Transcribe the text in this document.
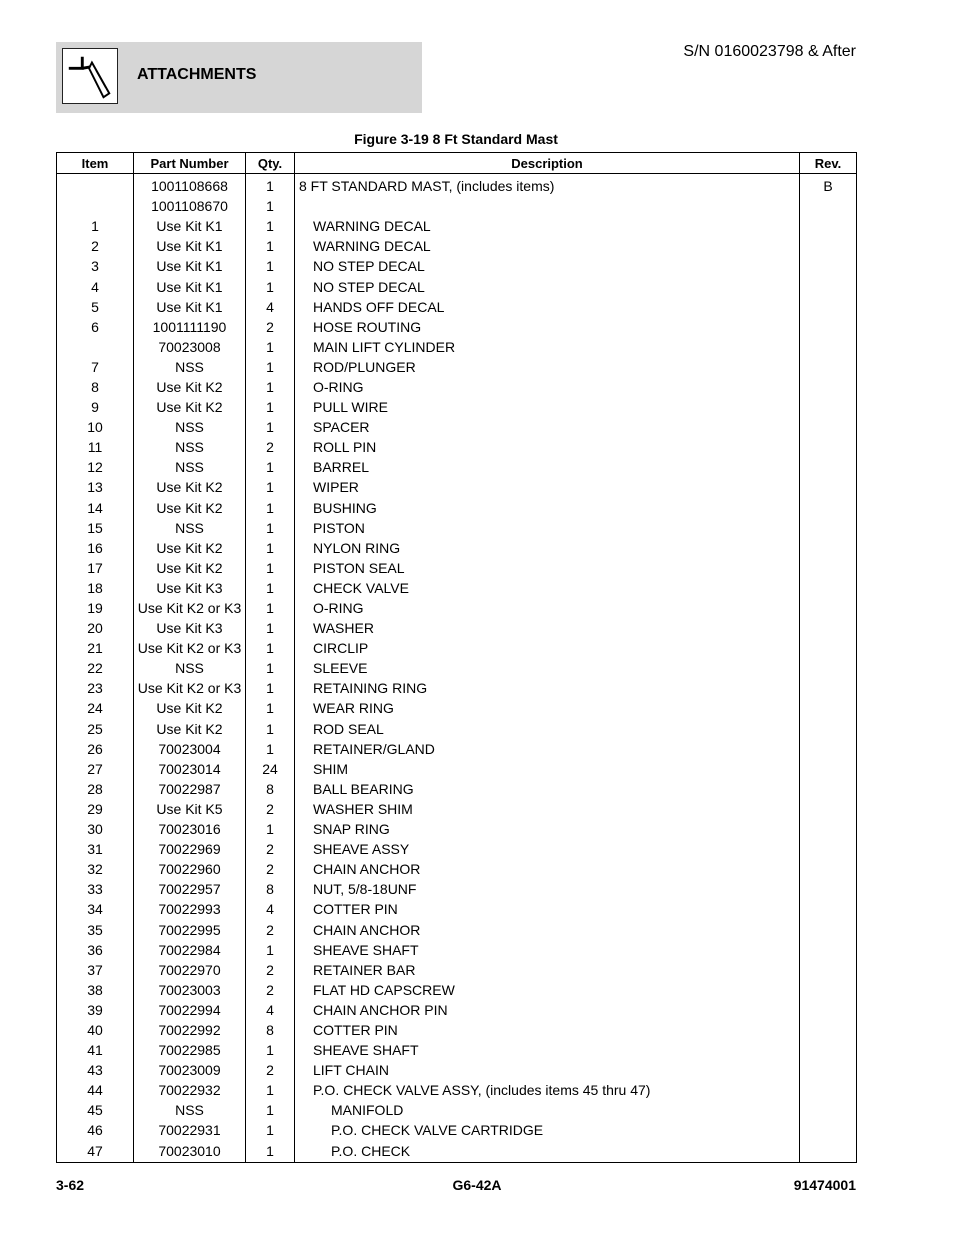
ATTACHMENTS
S/N 0160023798 & After
Figure 3-19 8 Ft Standard Mast
Item	Part Number	Qty.	Description	Rev.
	1001108668	1	8 FT STANDARD MAST, (includes items)	B
	1001108670	1		
1	Use Kit K1	1	WARNING DECAL	
2	Use Kit K1	1	WARNING DECAL	
3	Use Kit K1	1	NO STEP DECAL	
4	Use Kit K1	1	NO STEP DECAL	
5	Use Kit K1	4	HANDS OFF DECAL	
6	1001111190	2	HOSE ROUTING	
	70023008	1	MAIN LIFT CYLINDER	
7	NSS	1	ROD/PLUNGER	
8	Use Kit K2	1	O-RING	
9	Use Kit K2	1	PULL WIRE	
10	NSS	1	SPACER	
11	NSS	2	ROLL PIN	
12	NSS	1	BARREL	
13	Use Kit K2	1	WIPER	
14	Use Kit K2	1	BUSHING	
15	NSS	1	PISTON	
16	Use Kit K2	1	NYLON RING	
17	Use Kit K2	1	PISTON SEAL	
18	Use Kit K3	1	CHECK VALVE	
19	Use Kit K2 or K3	1	O-RING	
20	Use Kit K3	1	WASHER	
21	Use Kit K2 or K3	1	CIRCLIP	
22	NSS	1	SLEEVE	
23	Use Kit K2 or K3	1	RETAINING RING	
24	Use Kit K2	1	WEAR RING	
25	Use Kit K2	1	ROD SEAL	
26	70023004	1	RETAINER/GLAND	
27	70023014	24	SHIM	
28	70022987	8	BALL BEARING	
29	Use Kit K5	2	WASHER SHIM	
30	70023016	1	SNAP RING	
31	70022969	2	SHEAVE ASSY	
32	70022960	2	CHAIN ANCHOR	
33	70022957	8	NUT, 5/8-18UNF	
34	70022993	4	COTTER PIN	
35	70022995	2	CHAIN ANCHOR	
36	70022984	1	SHEAVE SHAFT	
37	70022970	2	RETAINER BAR	
38	70023003	2	FLAT HD CAPSCREW	
39	70022994	4	CHAIN ANCHOR PIN	
40	70022992	8	COTTER PIN	
41	70022985	1	SHEAVE SHAFT	
43	70023009	2	LIFT CHAIN	
44	70022932	1	P.O. CHECK VALVE ASSY, (includes items 45 thru 47)	
45	NSS	1	MANIFOLD	
46	70022931	1	P.O. CHECK VALVE CARTRIDGE	
47	70023010	1	P.O. CHECK	
3-62	G6-42A	91474001
